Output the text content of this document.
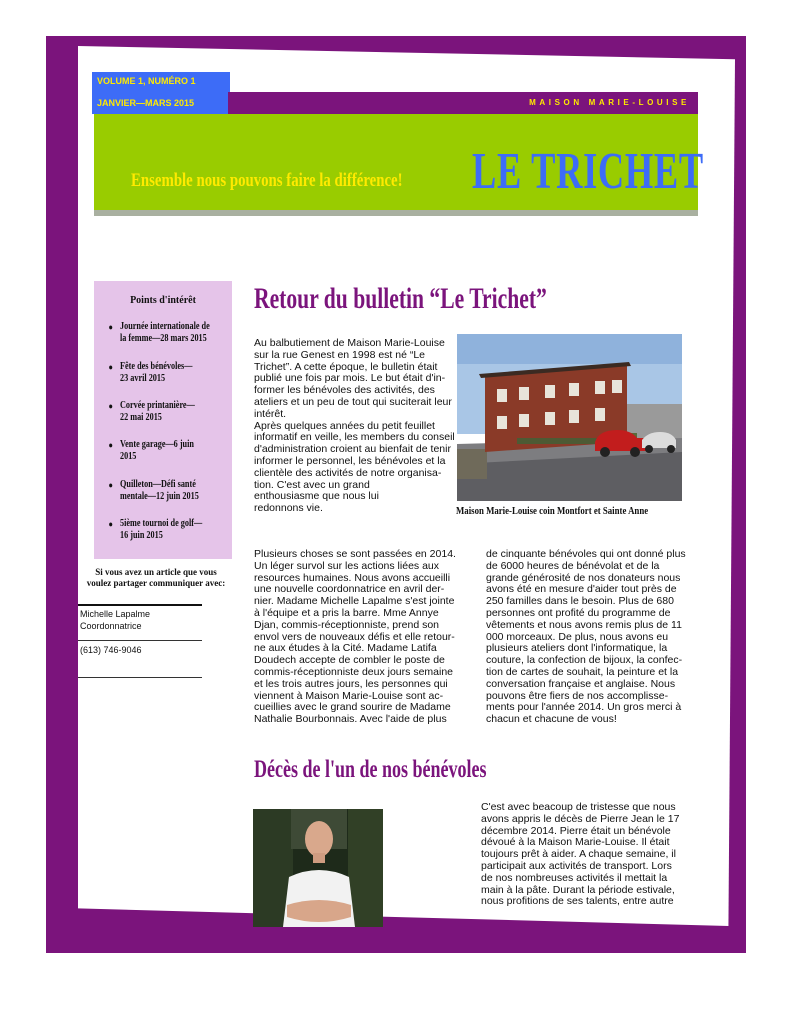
VOLUME 1, NUMÉRO 1
JANVIER—MARS 2015	MAISON MARIE-LOUISE
Ensemble nous pouvons faire la différence! LE TRICHET
Points d'intérêt
● Journée internationale de
la femme—28 mars 2015
● Fête des bénévoles—
23 avril 2015
● Corvée printanière—
22 mai 2015
● Vente garage—6 juin
2015
● Quilleton—Défi santé
mentale—12 juin 2015
● 5ième tournoi de golf—
16 juin 2015
Si vous avez un article que vous
voulez partager communiquer avec:
Michelle Lapalme
Coordonnatrice
(613) 746-9046
Retour du bulletin “Le Trichet”

Au balbutiement de Maison Marie-Louise

sur la rue Genest en 1998 est né “Le

Trichet”. A cette époque, le bulletin était

publié une fois par mois. Le but était d'in-

former les bénévoles des activités, des

ateliers et un peu de tout qui suciterait leur

intérêt.

Après quelques années du petit feuillet

informatif en veille, les members du conseil

d'administration croient au bienfait de tenir

informer le personnel, les bénévoles et la

clientèle des activités de notre organisa-

tion. C'est avec un grand

enthousiasme que nous lui

redonnons vie.	Maison Marie-Louise coin Montfort et Sainte Anne

Plusieurs choses se sont passées en 2014.

Un léger survol sur les actions liées aux

resources humaines. Nous avons accueilli

une nouvelle coordonnatrice en avril der-

nier. Madame Michelle Lapalme s'est jointe

à l'équipe et a pris la barre. Mme Annye

Djan, commis-réceptionniste, prend son

envol vers de nouveaux défis et elle retour-

ne aux études à la Cité. Madame Latifa

Doudech accepte de combler le poste de

commis-réceptionniste deux jours semaine

et les trois autres jours, les personnes qui

viennent à Maison Marie-Louise sont ac-

cueillies avec le grand sourire de Madame

Nathalie Bourbonnais. Avec l'aide de plus

de cinquante bénévoles qui ont donné plus

de 6000 heures de bénévolat et de la

grande générosité de nos donateurs nous

avons été en mesure d'aider tout près de

250 familles dans le besoin. Plus de 680

personnes ont profité du programme de

vêtements et nous avons remis plus de 11

000 morceaux. De plus, nous avons eu

plusieurs ateliers dont l'informatique, la

couture, la confection de bijoux, la confec-

tion de cartes de souhait, la peinture et la

conversation française et anglaise. Nous

pouvons être fiers de nos accomplisse-

ments pour l'année 2014. Un gros merci à

chacun et chacune de vous!

Décès de l'un de nos bénévoles

C'est avec beacoup de tristesse que nous

avons appris le décès de Pierre Jean le 17

décembre 2014. Pierre était un bénévole

dévoué à la Maison Marie-Louise. Il était

toujours prêt à aider. A chaque semaine, il

participait aux activités de transport. Lors

de nos nombreuses activités il mettait la

main à la pâte. Durant la période estivale,

nous profitions de ses talents, entre autre
